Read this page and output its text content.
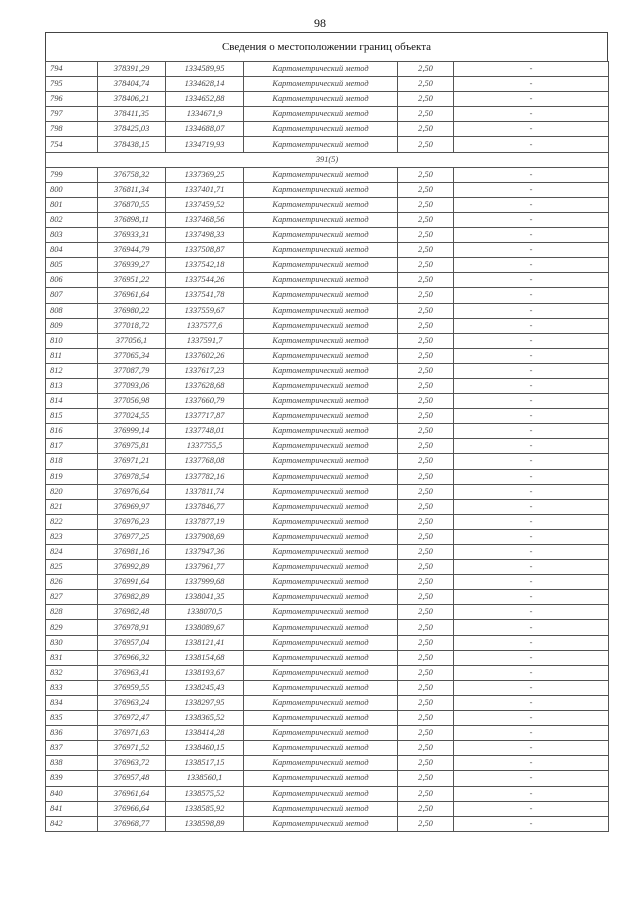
98
Сведения о местоположении границ объекта
794	378391,29	1334589,95	Картометрический метод	2,50	-
795	378404,74	1334628,14	Картометрический метод	2,50	-
796	378406,21	1334652,88	Картометрический метод	2,50	-
797	378411,35	1334671,9	Картометрический метод	2,50	-
798	378425,03	1334688,07	Картометрический метод	2,50	-
754	378438,15	1334719,93	Картометрический метод	2,50	-
391(5)					
799	376758,32	1337369,25	Картометрический метод	2,50	-
800	376811,34	1337401,71	Картометрический метод	2,50	-
801	376870,55	1337459,52	Картометрический метод	2,50	-
802	376898,11	1337468,56	Картометрический метод	2,50	-
803	376933,31	1337498,33	Картометрический метод	2,50	-
804	376944,79	1337508,87	Картометрический метод	2,50	-
805	376939,27	1337542,18	Картометрический метод	2,50	-
806	376951,22	1337544,26	Картометрический метод	2,50	-
807	376961,64	1337541,78	Картометрический метод	2,50	-
808	376980,22	1337559,67	Картометрический метод	2,50	-
809	377018,72	1337577,6	Картометрический метод	2,50	-
810	377056,1	1337591,7	Картометрический метод	2,50	-
811	377065,34	1337602,26	Картометрический метод	2,50	-
812	377087,79	1337617,23	Картометрический метод	2,50	-
813	377093,06	1337628,68	Картометрический метод	2,50	-
814	377056,98	1337660,79	Картометрический метод	2,50	-
815	377024,55	1337717,87	Картометрический метод	2,50	-
816	376999,14	1337748,01	Картометрический метод	2,50	-
817	376975,81	1337755,5	Картометрический метод	2,50	-
818	376971,21	1337768,08	Картометрический метод	2,50	-
819	376978,54	1337782,16	Картометрический метод	2,50	-
820	376976,64	1337811,74	Картометрический метод	2,50	-
821	376969,97	1337846,77	Картометрический метод	2,50	-
822	376976,23	1337877,19	Картометрический метод	2,50	-
823	376977,25	1337908,69	Картометрический метод	2,50	-
824	376981,16	1337947,36	Картометрический метод	2,50	-
825	376992,89	1337961,77	Картометрический метод	2,50	-
826	376991,64	1337999,68	Картометрический метод	2,50	-
827	376982,89	1338041,35	Картометрический метод	2,50	-
828	376982,48	1338070,5	Картометрический метод	2,50	-
829	376978,91	1338089,67	Картометрический метод	2,50	-
830	376957,04	1338121,41	Картометрический метод	2,50	-
831	376966,32	1338154,68	Картометрический метод	2,50	-
832	376963,41	1338193,67	Картометрический метод	2,50	-
833	376959,55	1338245,43	Картометрический метод	2,50	-
834	376963,24	1338297,95	Картометрический метод	2,50	-
835	376972,47	1338365,52	Картометрический метод	2,50	-
836	376971,63	1338414,28	Картометрический метод	2,50	-
837	376971,52	1338460,15	Картометрический метод	2,50	-
838	376963,72	1338517,15	Картометрический метод	2,50	-
839	376957,48	1338560,1	Картометрический метод	2,50	-
840	376961,64	1338575,52	Картометрический метод	2,50	-
841	376966,64	1338585,92	Картометрический метод	2,50	-
842	376968,77	1338598,89	Картометрический метод	2,50	-
